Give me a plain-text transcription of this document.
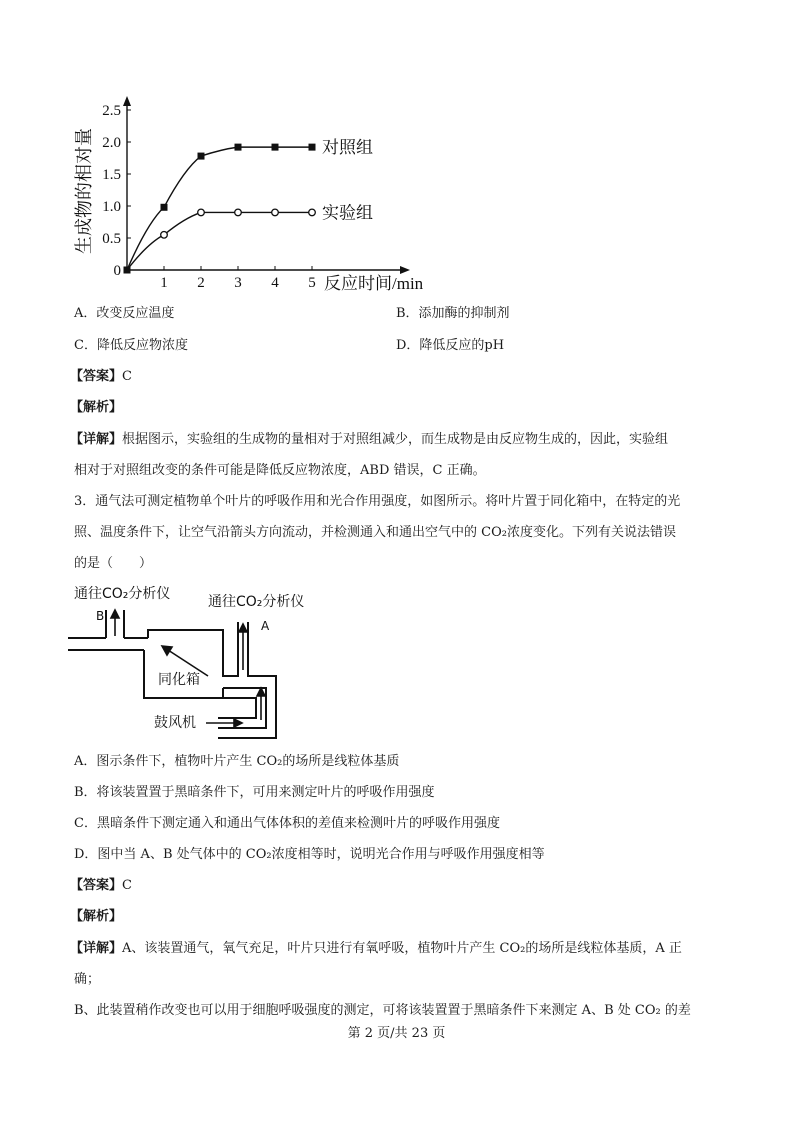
0
0.5
1.0
1.5
2.0
2.5
1 2 3 4 5
生成物的相对量
反应时间/min
对照组
实验组
A．改变反应温度	B．添加酶的抑制剂
C．降低反应物浓度	D．降低反应的pH
【答案】C
【解析】
【详解】根据图示，实验组的生成物的量相对于对照组减少，而生成物是由反应物生成的，因此，实验组
相对于对照组改变的条件可能是降低反应物浓度，ABD 错误，C 正确。
3．通气法可测定植物单个叶片的呼吸作用和光合作用强度，如图所示。将叶片置于同化箱中，在特定的光
照、温度条件下，让空气沿箭头方向流动，并检测通入和通出空气中的 CO₂浓度变化。下列有关说法错误
的是（　　）
通往CO₂分析仪	通往CO₂分析仪
B
A
同化箱
鼓风机
A．图示条件下，植物叶片产生 CO₂的场所是线粒体基质
B．将该装置置于黑暗条件下，可用来测定叶片的呼吸作用强度
C．黑暗条件下测定通入和通出气体体积的差值来检测叶片的呼吸作用强度
D．图中当 A、B 处气体中的 CO₂浓度相等时，说明光合作用与呼吸作用强度相等
【答案】C
【解析】
【详解】A、该装置通气，氧气充足，叶片只进行有氧呼吸，植物叶片产生 CO₂的场所是线粒体基质，A 正
确；
B、此装置稍作改变也可以用于细胞呼吸强度的测定，可将该装置置于黑暗条件下来测定 A、B 处 CO₂ 的差
第 2 页/共 23 页
